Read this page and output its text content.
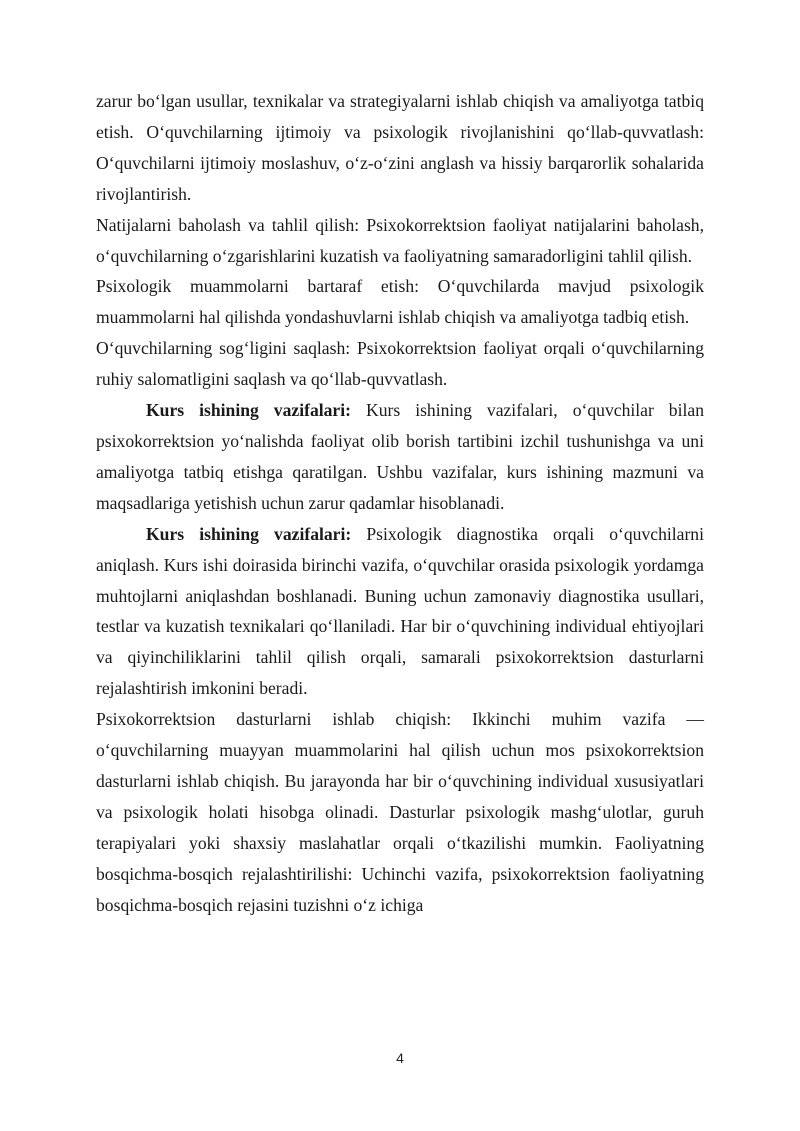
zarur bo‘lgan usullar, texnikalar va strategiyalarni ishlab chiqish va amaliyotga tatbiq etish. O‘quvchilarning ijtimoiy va psixologik rivojlanishini qo‘llab-quvvatlash: O‘quvchilarni ijtimoiy moslashuv, o‘z-o‘zini anglash va hissiy barqarorlik sohalarida rivojlantirish.

Natijalarni baholash va tahlil qilish: Psixokorrektsion faoliyat natijalarini baholash, o‘quvchilarning o‘zgarishlarini kuzatish va faoliyatning samaradorligini tahlil qilish.

Psixologik muammolarni bartaraf etish: O‘quvchilarda mavjud psixologik muammolarni hal qilishda yondashuvlarni ishlab chiqish va amaliyotga tadbiq etish.

O‘quvchilarning sog‘ligini saqlash: Psixokorrektsion faoliyat orqali o‘quvchilarning ruhiy salomatligini saqlash va qo‘llab-quvvatlash.

Kurs ishining vazifalari: Kurs ishining vazifalari, o‘quvchilar bilan psixokorrektsion yo‘nalishda faoliyat olib borish tartibini izchil tushunishga va uni amaliyotga tatbiq etishga qaratilgan. Ushbu vazifalar, kurs ishining mazmuni va maqsadlariga yetishish uchun zarur qadamlar hisoblanadi.

Kurs ishining vazifalari: Psixologik diagnostika orqali o‘quvchilarni aniqlash. Kurs ishi doirasida birinchi vazifa, o‘quvchilar orasida psixologik yordamga muhtojlarni aniqlashdan boshlanadi. Buning uchun zamonaviy diagnostika usullari, testlar va kuzatish texnikalari qo‘llaniladi. Har bir o‘quvchining individual ehtiyojlari va qiyinchiliklarini tahlil qilish orqali, samarali psixokorrektsion dasturlarni rejalashtirish imkonini beradi.

Psixokorrektsion dasturlarni ishlab chiqish: Ikkinchi muhim vazifa — o‘quvchilarning muayyan muammolarini hal qilish uchun mos psixokorrektsion dasturlarni ishlab chiqish. Bu jarayonda har bir o‘quvchining individual xususiyatlari va psixologik holati hisobga olinadi. Dasturlar psixologik mashg‘ulotlar, guruh terapiyalari yoki shaxsiy maslahatlar orqali o‘tkazilishi mumkin. Faoliyatning bosqichma-bosqich rejalashtirilishi: Uchinchi vazifa, psixokorrektsion faoliyatning bosqichma-bosqich rejasini tuzishni o‘z ichiga

4
